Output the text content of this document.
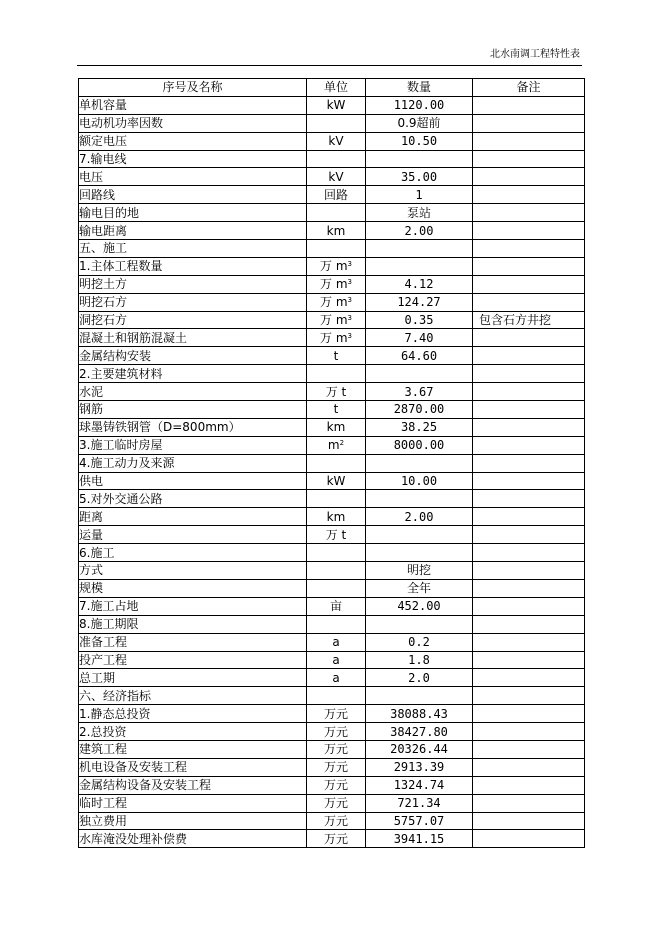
北水南调工程特性表
序号及名称	单位	数量	备注
单机容量	kW	1120.00	
电动机功率因数		0.9超前	
额定电压	kV	10.50	
7.输电线			
电压	kV	35.00	
回路线	回路	1	
输电目的地		泵站	
输电距离	km	2.00	
五、施工			
1.主体工程数量	万 $m^3$		
明挖土方	万 $m^3$	4.12	
明挖石方	万 $m^3$	124.27	
洞挖石方	万 $m^3$	0.35	包含石方井挖
混凝土和钢筋混凝土	万 $m^3$	7.40	
金属结构安装	t	64.60	
2.主要建筑材料			
水泥	万 t	3.67	
钢筋	t	2870.00	
球墨铸铁钢管（D=800mm）	km	38.25	
3.施工临时房屋	$m^2$	8000.00	
4.施工动力及来源			
供电	kW	10.00	
5.对外交通公路			
距离	km	2.00	
运量	万 t		
6.施工			
方式		明挖	
规模		全年	
7.施工占地	亩	452.00	
8.施工期限			
准备工程	a	0.2	
投产工程	a	1.8	
总工期	a	2.0	
六、经济指标			
1.静态总投资	万元	38088.43	
2.总投资	万元	38427.80	
建筑工程	万元	20326.44	
机电设备及安装工程	万元	2913.39	
金属结构设备及安装工程	万元	1324.74	
临时工程	万元	721.34	
独立费用	万元	5757.07	
水库淹没处理补偿费	万元	3941.15	
